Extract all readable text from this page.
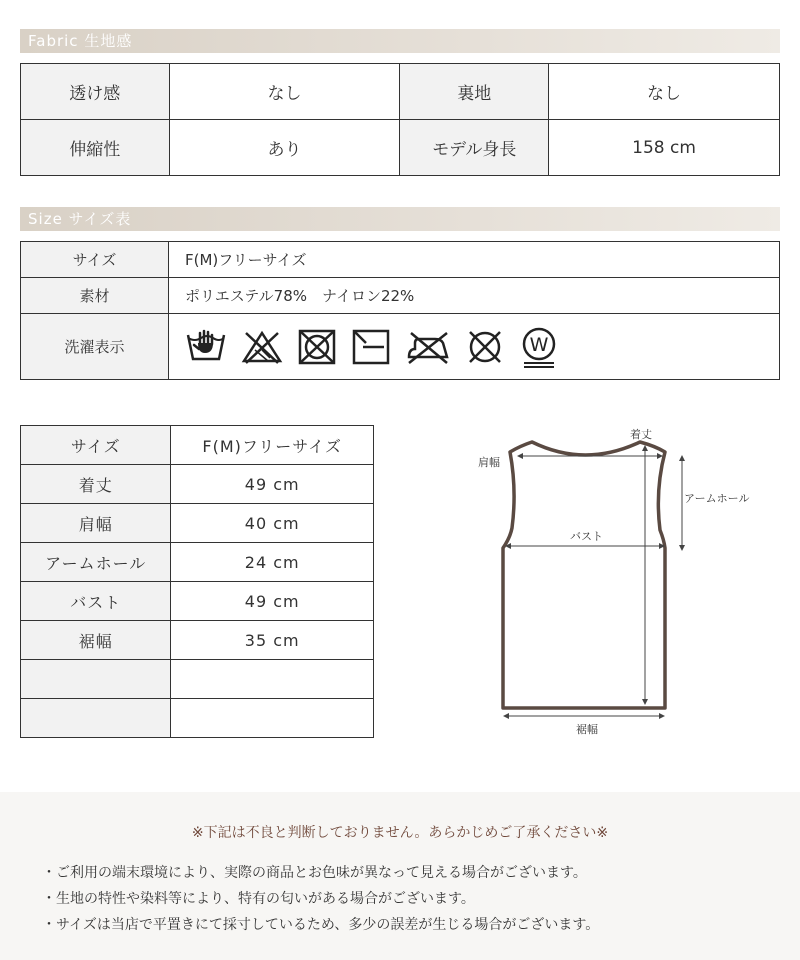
Fabric 生地感
透け感	なし	裏地	なし
伸縮性	あり	モデル身長	158 cm
Size サイズ表
サイズ	F(M)フリーサイズ
素材	ポリエステル78%　ナイロン22%
洗濯表示	W
サイズ	F(M)フリーサイズ
着丈	49 cm
肩幅	40 cm
アームホール	24 cm
バスト	49 cm
裾幅	35 cm

着丈
肩幅
アームホール
バスト
裾幅
※下記は不良と判断しておりません。あらかじめご了承ください※
・ご利用の端末環境により、実際の商品とお色味が異なって見える場合がございます。
・生地の特性や染料等により、特有の匂いがある場合がございます。
・サイズは当店で平置きにて採寸しているため、多少の誤差が生じる場合がございます。
